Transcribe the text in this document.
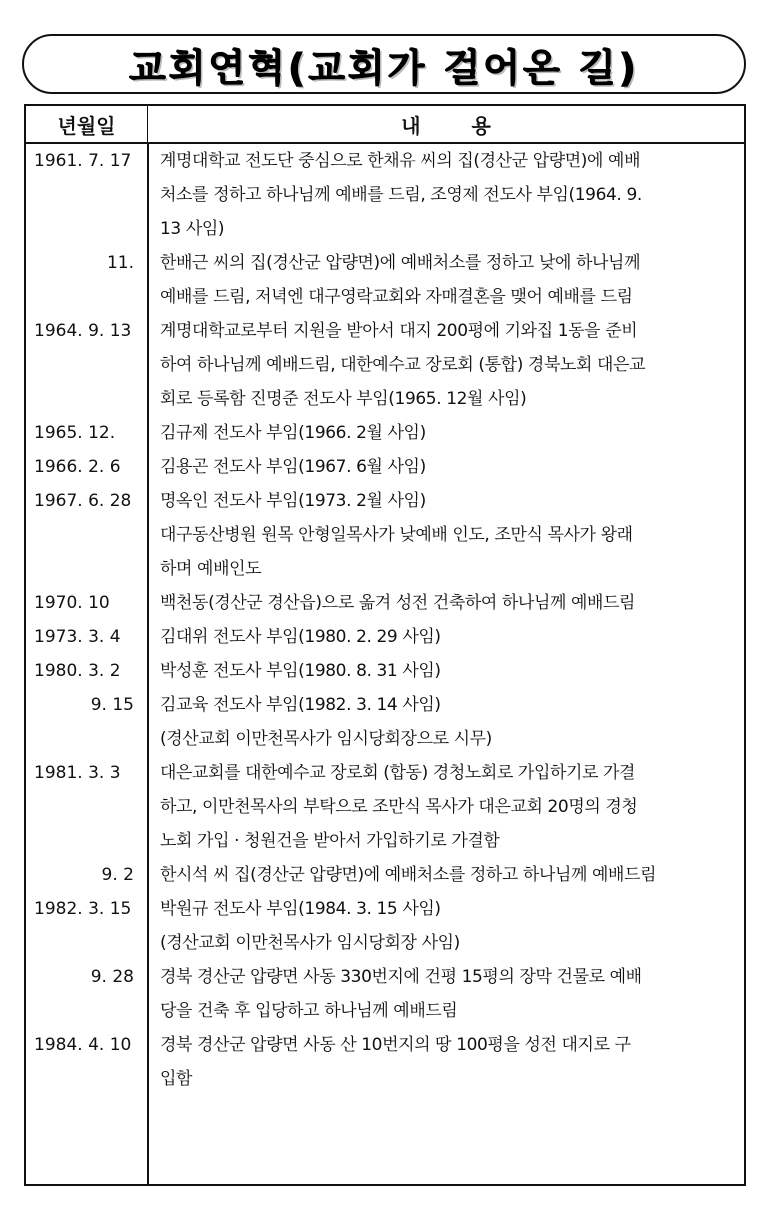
교회연혁(교회가 걸어온 길)
년월일	내 용
1961. 7. 17	계명대학교 전도단 중심으로 한채유 씨의 집(경산군 압량면)에 예배
처소를 정하고 하나님께 예배를 드림, 조영제 전도사 부임(1964. 9.
13 사임)
11.	한배근 씨의 집(경산군 압량면)에 예배처소를 정하고 낮에 하나님께
예배를 드림, 저녁엔 대구영락교회와 자매결혼을 맺어 예배를 드림
1964. 9. 13	계명대학교로부터 지원을 받아서 대지 200평에 기와집 1동을 준비
하여 하나님께 예배드림, 대한예수교 장로회 (통합) 경북노회 대은교
회로 등록함 진명준 전도사 부임(1965. 12월 사임)
1965. 12.	김규제 전도사 부임(1966. 2월 사임)
1966. 2. 6	김용곤 전도사 부임(1967. 6월 사임)
1967. 6. 28	명옥인 전도사 부임(1973. 2월 사임)
대구동산병원 원목 안형일목사가 낮예배 인도, 조만식 목사가 왕래
하며 예배인도
1970. 10	백천동(경산군 경산읍)으로 옮겨 성전 건축하여 하나님께 예배드림
1973. 3. 4	김대위 전도사 부임(1980. 2. 29 사임)
1980. 3. 2	박성훈 전도사 부임(1980. 8. 31 사임)
9. 15	김교육 전도사 부임(1982. 3. 14 사임)
(경산교회 이만천목사가 임시당회장으로 시무)
1981. 3. 3	대은교회를 대한예수교 장로회 (합동) 경청노회로 가입하기로 가결
하고, 이만천목사의 부탁으로 조만식 목사가 대은교회 20명의 경청
노회 가입 · 청원건을 받아서 가입하기로 가결함
9. 2	한시석 씨 집(경산군 압량면)에 예배처소를 정하고 하나님께 예배드림
1982. 3. 15	박원규 전도사 부임(1984. 3. 15 사임)
(경산교회 이만천목사가 임시당회장 사임)
9. 28	경북 경산군 압량면 사동 330번지에 건평 15평의 장막 건물로 예배
당을 건축 후 입당하고 하나님께 예배드림
1984. 4. 10	경북 경산군 압량면 사동 산 10번지의 땅 100평을 성전 대지로 구
입함
